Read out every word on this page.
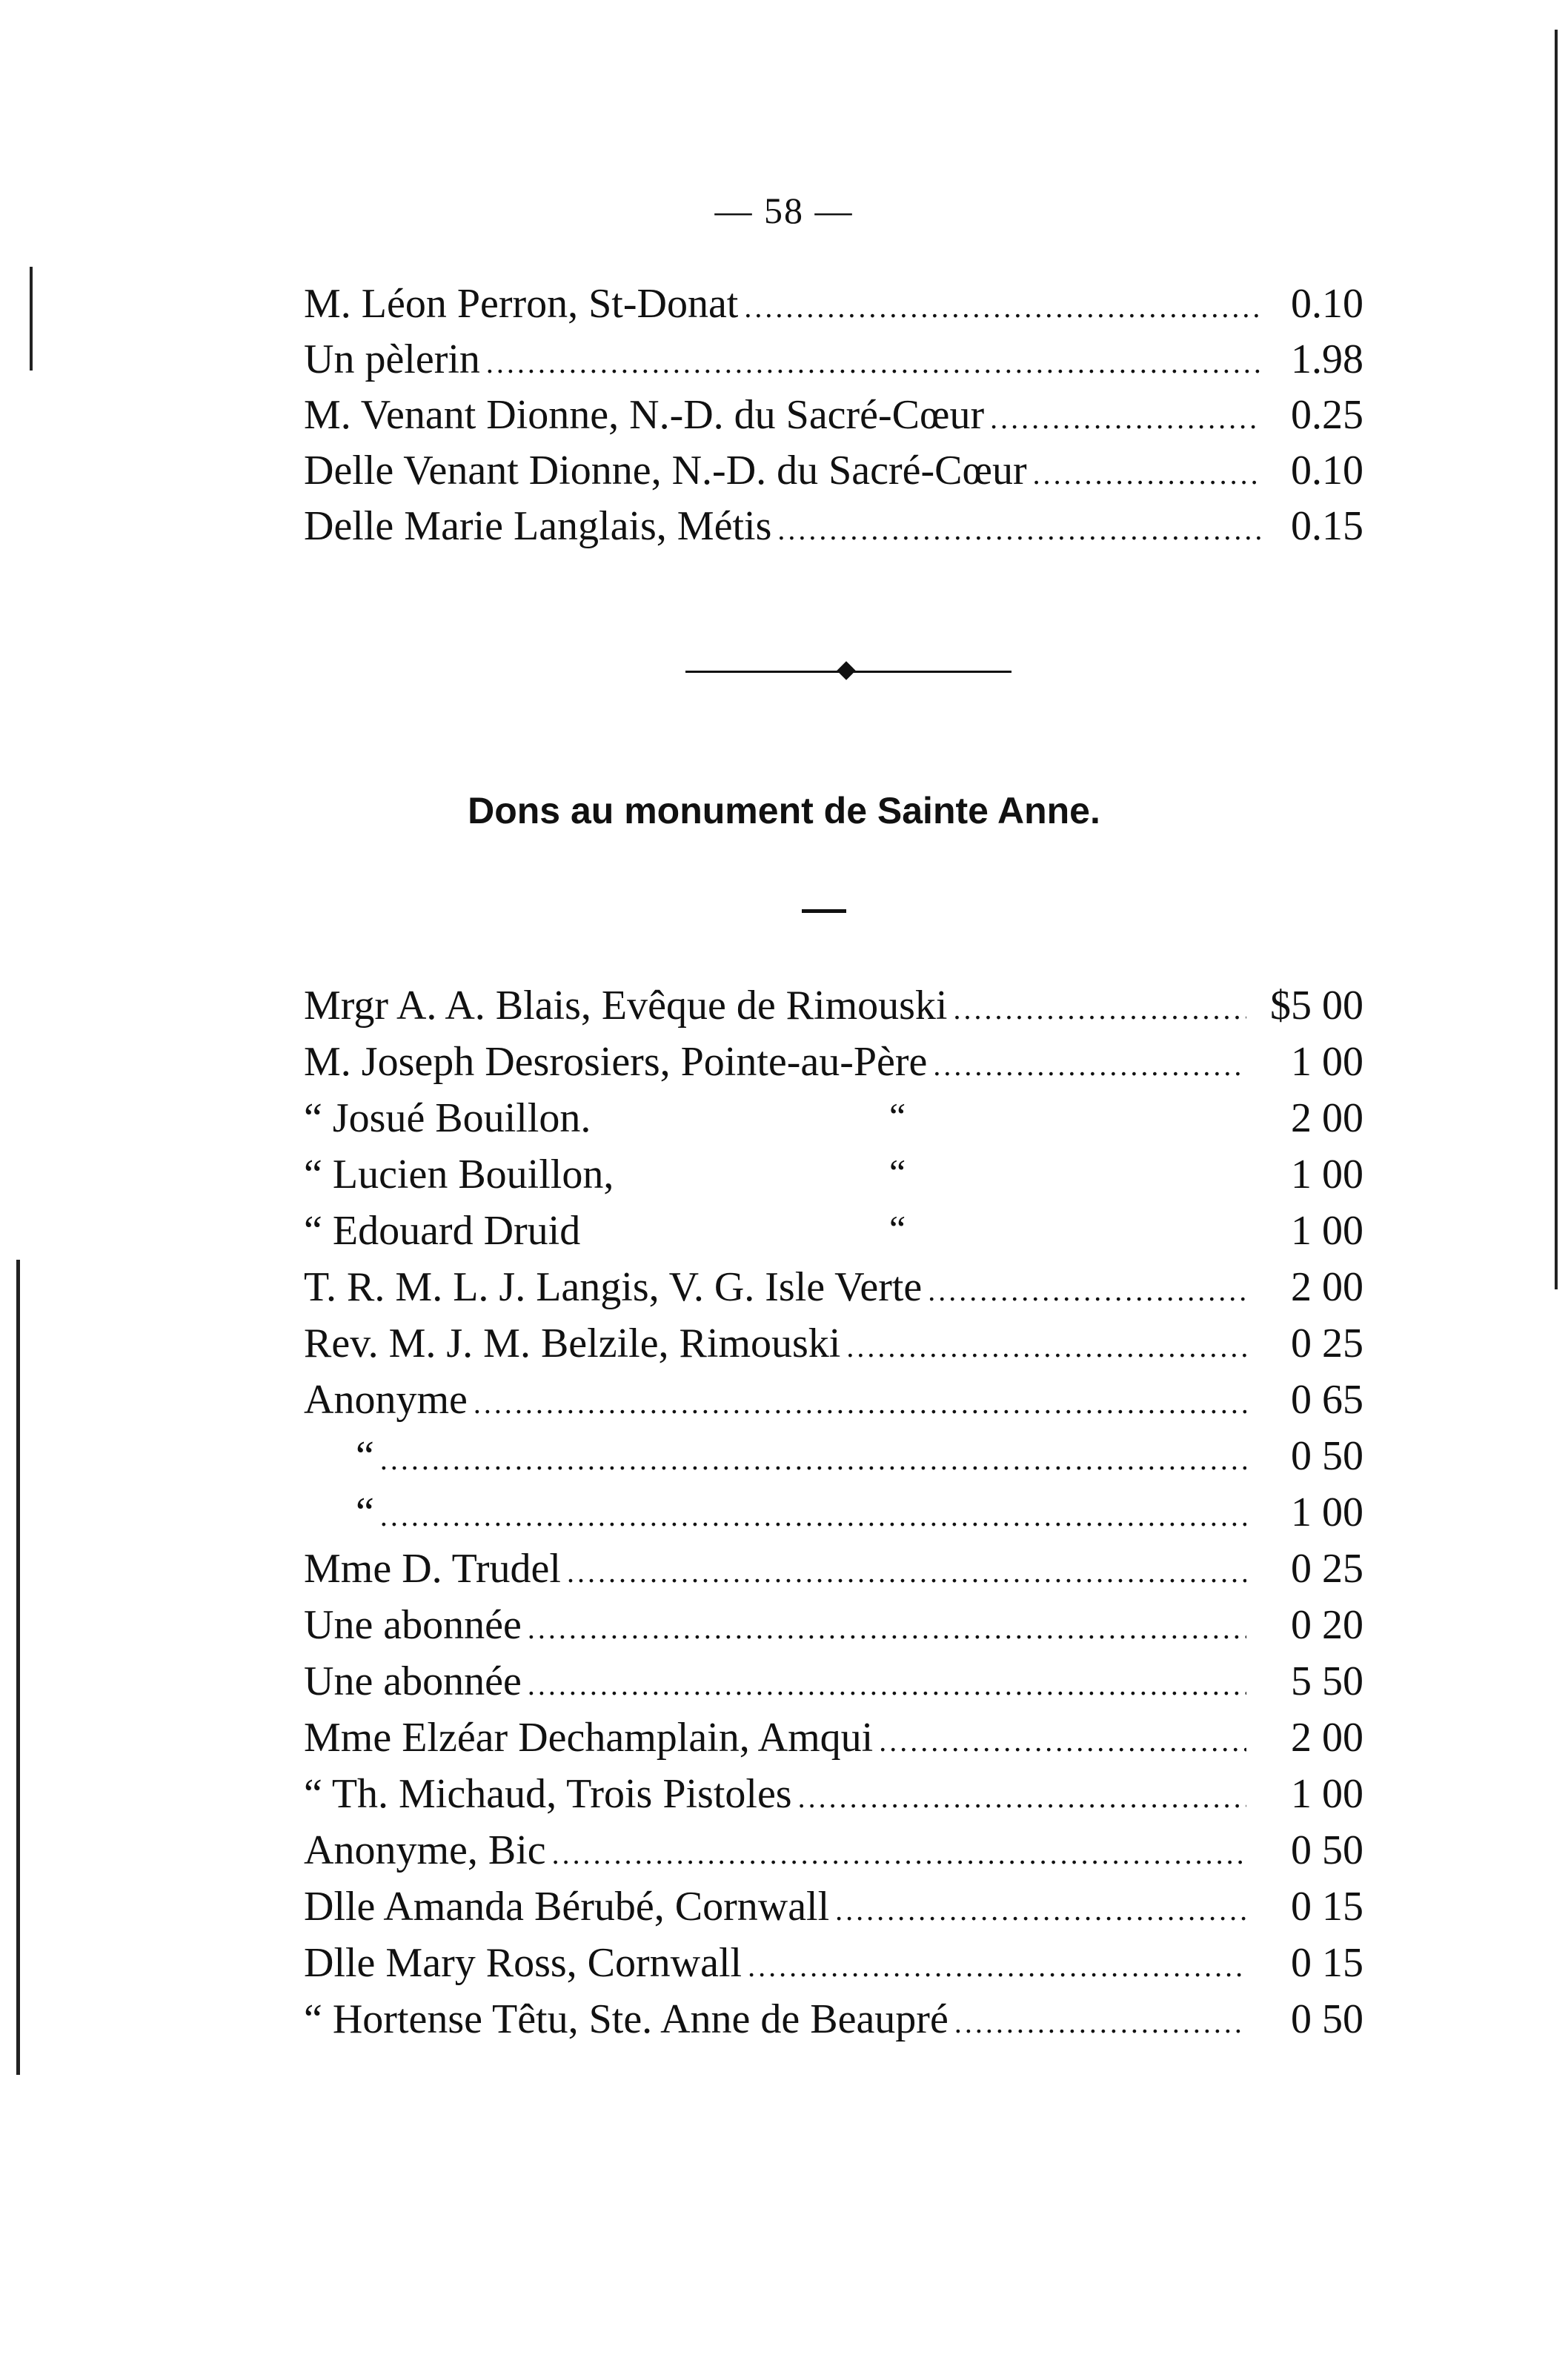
— 58 —
M. Léon Perron, St-Donat .....	0.10
Un pèlerin .....	1.98
M. Venant Dionne, N.-D. du Sacré-Cœur .....	0.25
Delle Venant Dionne, N.-D. du Sacré-Cœur .....	0.10
Delle Marie Langlais, Métis .....	0.15
Dons au monument de Sainte Anne.
Mrgr A. A. Blais, Evêque de Rimouski .....	$5 00
M. Joseph Desrosiers, Pointe-au-Père .....	1 00
“ Josué Bouillon.	“	2 00
“ Lucien Bouillon,	“	1 00
“ Edouard Druid	“	1 00
T. R. M. L. J. Langis, V. G. Isle Verte .....	2 00
Rev. M. J. M. Belzile, Rimouski .....	0 25
Anonyme .....	0 65
“ .....	0 50
“ .....	1 00
Mme D. Trudel .....	0 25
Une abonnée .....	0 20
Une abonnée .....	5 50
Mme Elzéar Dechamplain, Amqui .....	2 00
“ Th. Michaud, Trois Pistoles .....	1 00
Anonyme, Bic .....	0 50
Dlle Amanda Bérubé, Cornwall .....	0 15
Dlle Mary Ross, Cornwall .....	0 15
“ Hortense Têtu, Ste. Anne de Beaupré .....	0 50
